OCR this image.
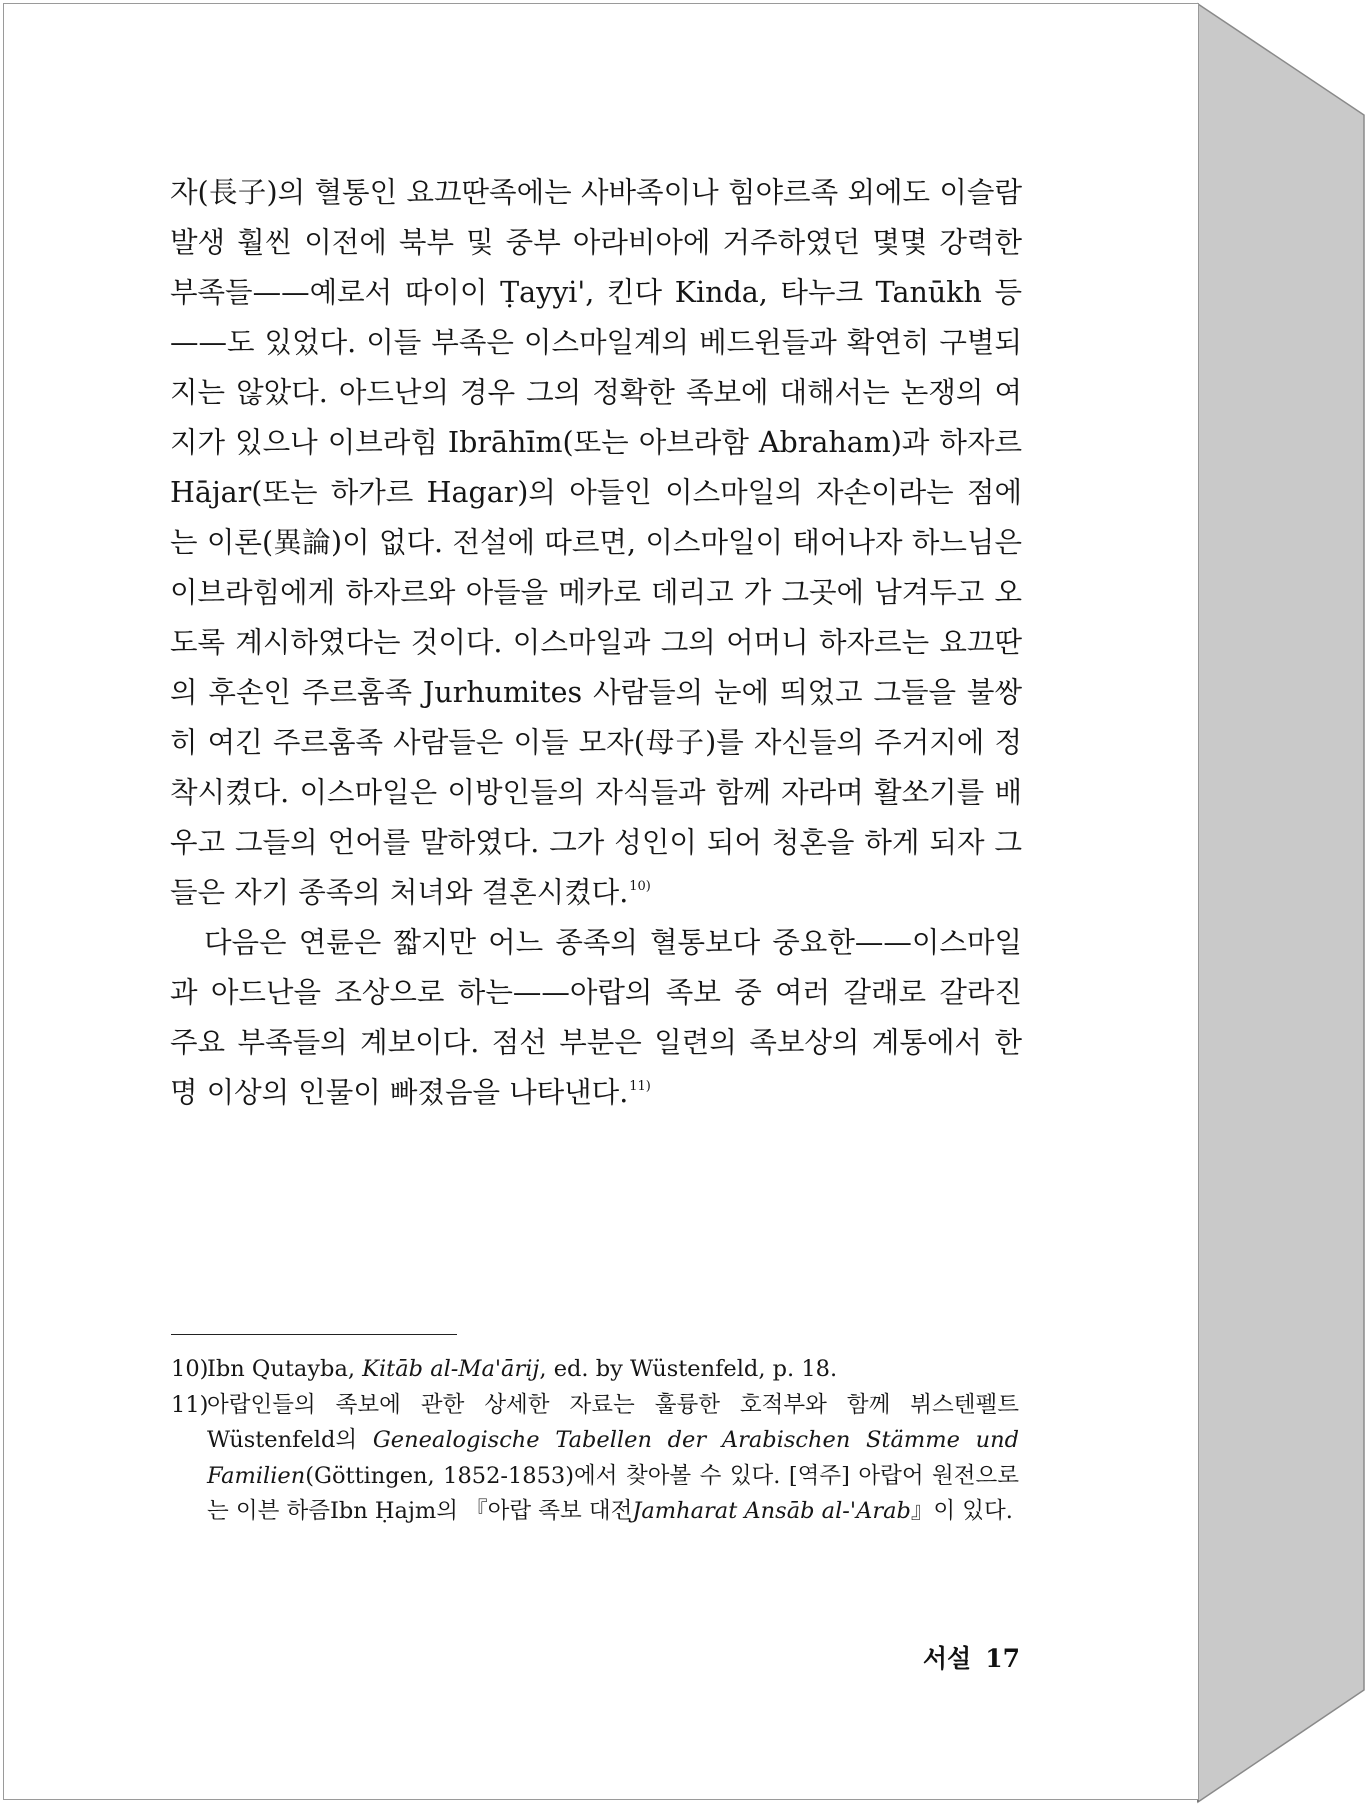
자(長子)의 혈통인 요끄딴족에는 사바족이나 힘야르족 외에도 이슬람 발생 훨씬 이전에 북부 및 중부 아라비아에 거주하였던 몇몇 강력한 부족들——예로서 따이이 Ṭayyi', 킨다 Kinda, 타누크 Tanūkh 등——도 있었다. 이들 부족은 이스마일계의 베드윈들과 확연히 구별되지는 않았다. 아드난의 경우 그의 정확한 족보에 대해서는 논쟁의 여지가 있으나 이브라힘 Ibrāhīm(또는 아브라함 Abraham)과 하자르 Hājar(또는 하가르 Hagar)의 아들인 이스마일의 자손이라는 점에는 이론(異論)이 없다. 전설에 따르면, 이스마일이 태어나자 하느님은 이브라힘에게 하자르와 아들을 메카로 데리고 가 그곳에 남겨두고 오도록 계시하였다는 것이다. 이스마일과 그의 어머니 하자르는 요끄딴의 후손인 주르훔족 Jurhumites 사람들의 눈에 띄었고 그들을 불쌍히 여긴 주르훔족 사람들은 이들 모자(母子)를 자신들의 주거지에 정착시켰다. 이스마일은 이방인들의 자식들과 함께 자라며 활쏘기를 배우고 그들의 언어를 말하였다. 그가 성인이 되어 청혼을 하게 되자 그들은 자기 종족의 처녀와 결혼시켰다.$^{10)}$

다음은 연륜은 짧지만 어느 종족의 혈통보다 중요한——이스마일과 아드난을 조상으로 하는——아랍의 족보 중 여러 갈래로 갈라진 주요 부족들의 계보이다. 점선 부분은 일련의 족보상의 계통에서 한 명 이상의 인물이 빠졌음을 나타낸다.$^{11)}$

10)
Ibn Qutayba, Kitāb al-Ma'ārij, ed. by Wüstenfeld, p. 18.
11)
아랍인들의 족보에 관한 상세한 자료는 훌륭한 호적부와 함께 뷔스텐펠트Wüstenfeld의 Genealogische Tabellen der Arabischen Stämme und Familien(Göttingen, 1852-1853)에서 찾아볼 수 있다. [역주] 아랍어 원전으로는 이븐 하즘Ibn Ḥajm의 『아랍 족보 대전Jamharat Ansāb al-'Arab』이 있다.
서설 17
